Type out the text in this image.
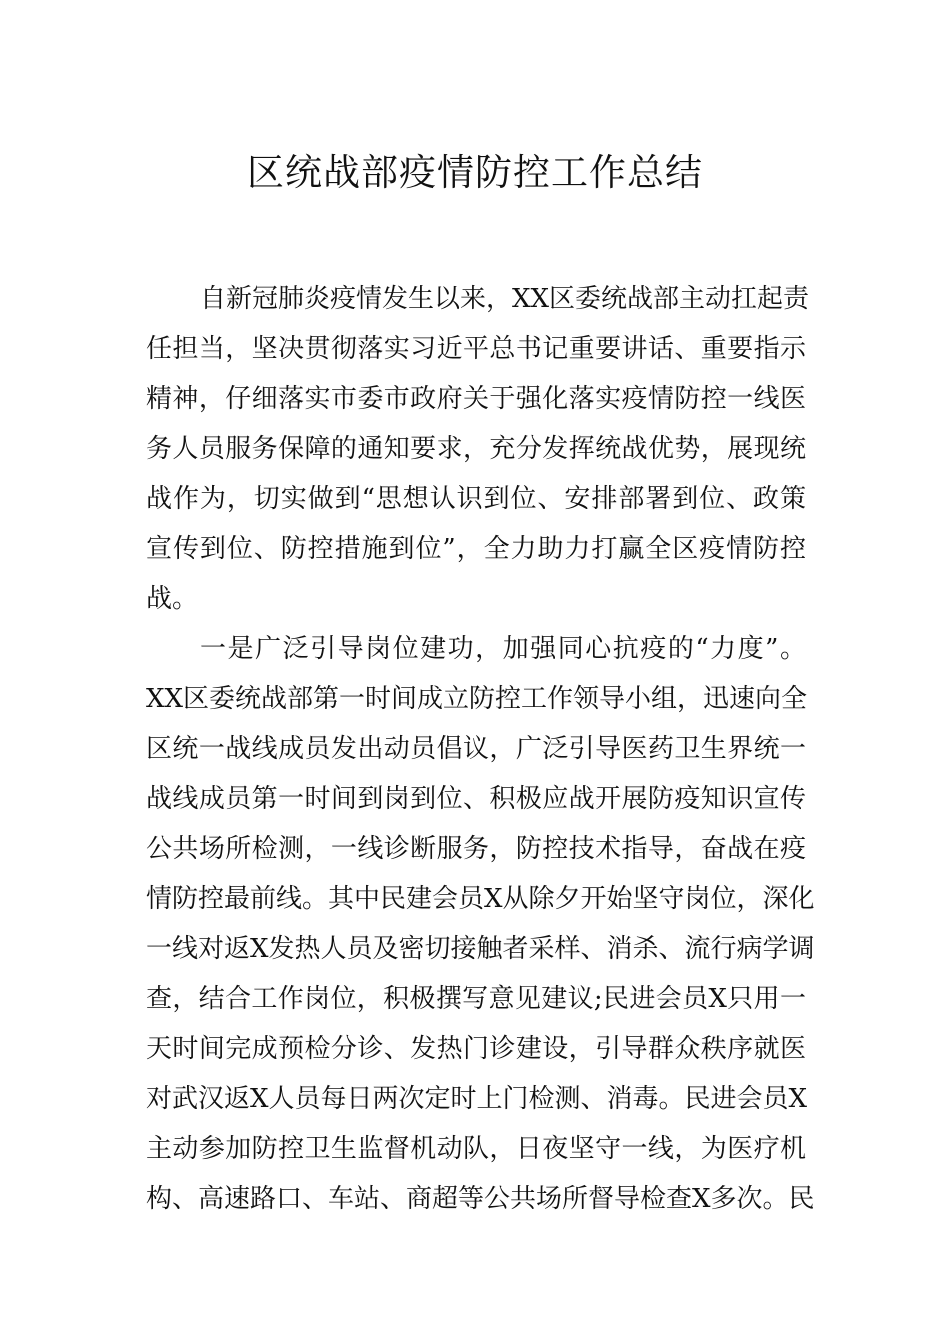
区统战部疫情防控工作总结
自新冠肺炎疫情发生以来，XX区委统战部主动扛起责
任担当，坚决贯彻落实习近平总书记重要讲话、重要指示
精神，仔细落实市委市政府关于强化落实疫情防控一线医
务人员服务保障的通知要求，充分发挥统战优势，展现统
战作为，切实做到“思想认识到位、安排部署到位、政策
宣传到位、防控措施到位”，全力助力打赢全区疫情防控
战。
一是广泛引导岗位建功，加强同心抗疫的“力度”。
XX区委统战部第一时间成立防控工作领导小组，迅速向全
区统一战线成员发出动员倡议，广泛引导医药卫生界统一
战线成员第一时间到岗到位、积极应战开展防疫知识宣传
公共场所检测，一线诊断服务，防控技术指导，奋战在疫
情防控最前线。其中民建会员X从除夕开始坚守岗位，深化
一线对返X发热人员及密切接触者采样、消杀、流行病学调
查，结合工作岗位，积极撰写意见建议;民进会员X只用一
天时间完成预检分诊、发热门诊建设，引导群众秩序就医
对武汉返X人员每日两次定时上门检测、消毒。民进会员X
主动参加防控卫生监督机动队，日夜坚守一线，为医疗机
构、高速路口、车站、商超等公共场所督导检查X多次。民
